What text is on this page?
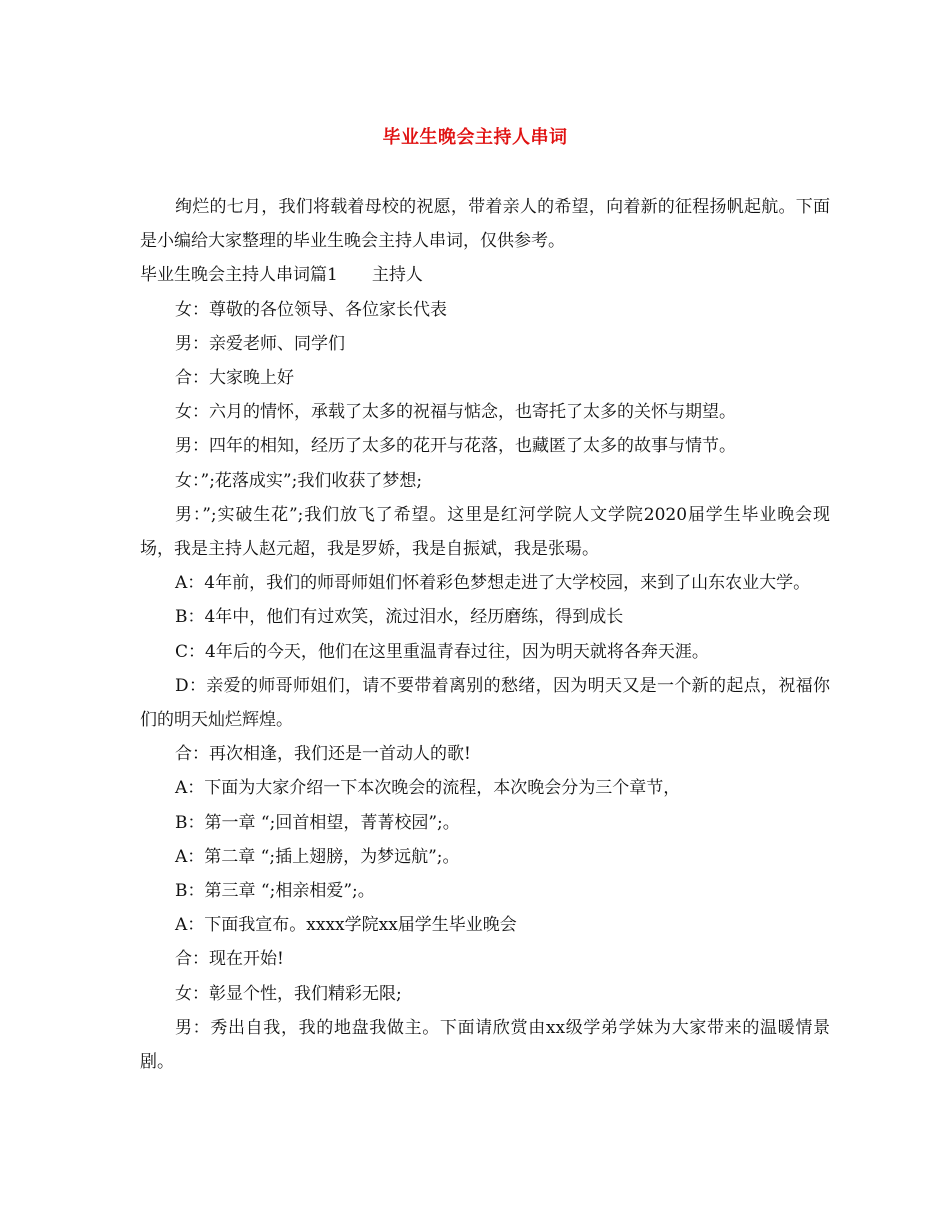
毕业生晚会主持人串词

绚烂的七月，我们将载着母校的祝愿，带着亲人的希望，向着新的征程扬帆起航。下面是小编给大家整理的毕业生晚会主持人串词，仅供参考。

毕业生晚会主持人串词篇1 主持人

女：尊敬的各位领导、各位家长代表

男：亲爱老师、同学们

合：大家晚上好

女：六月的情怀，承载了太多的祝福与惦念，也寄托了太多的关怀与期望。

男：四年的相知，经历了太多的花开与花落，也藏匿了太多的故事与情节。

女：”;花落成实”;我们收获了梦想;

男：”;实破生花”;我们放飞了希望。这里是红河学院人文学院2020届学生毕业晚会现场，我是主持人赵元超，我是罗娇，我是自振斌，我是张瑒。

A：4年前，我们的师哥师姐们怀着彩色梦想走进了大学校园，来到了山东农业大学。

B：4年中，他们有过欢笑，流过泪水，经历磨练，得到成长

C：4年后的今天，他们在这里重温青春过往，因为明天就将各奔天涯。

D：亲爱的师哥师姐们，请不要带着离别的愁绪，因为明天又是一个新的起点，祝福你们的明天灿烂辉煌。

合：再次相逢，我们还是一首动人的歌!

A：下面为大家介绍一下本次晚会的流程，本次晚会分为三个章节，

B：第一章 “;回首相望，菁菁校园”;。

A：第二章 “;插上翅膀，为梦远航”;。

B：第三章 “;相亲相爱”;。

A：下面我宣布。xxxx学院xx届学生毕业晚会

合：现在开始!

女：彰显个性，我们精彩无限;

男：秀出自我，我的地盘我做主。下面请欣赏由xx级学弟学妹为大家带来的温暖情景剧。
